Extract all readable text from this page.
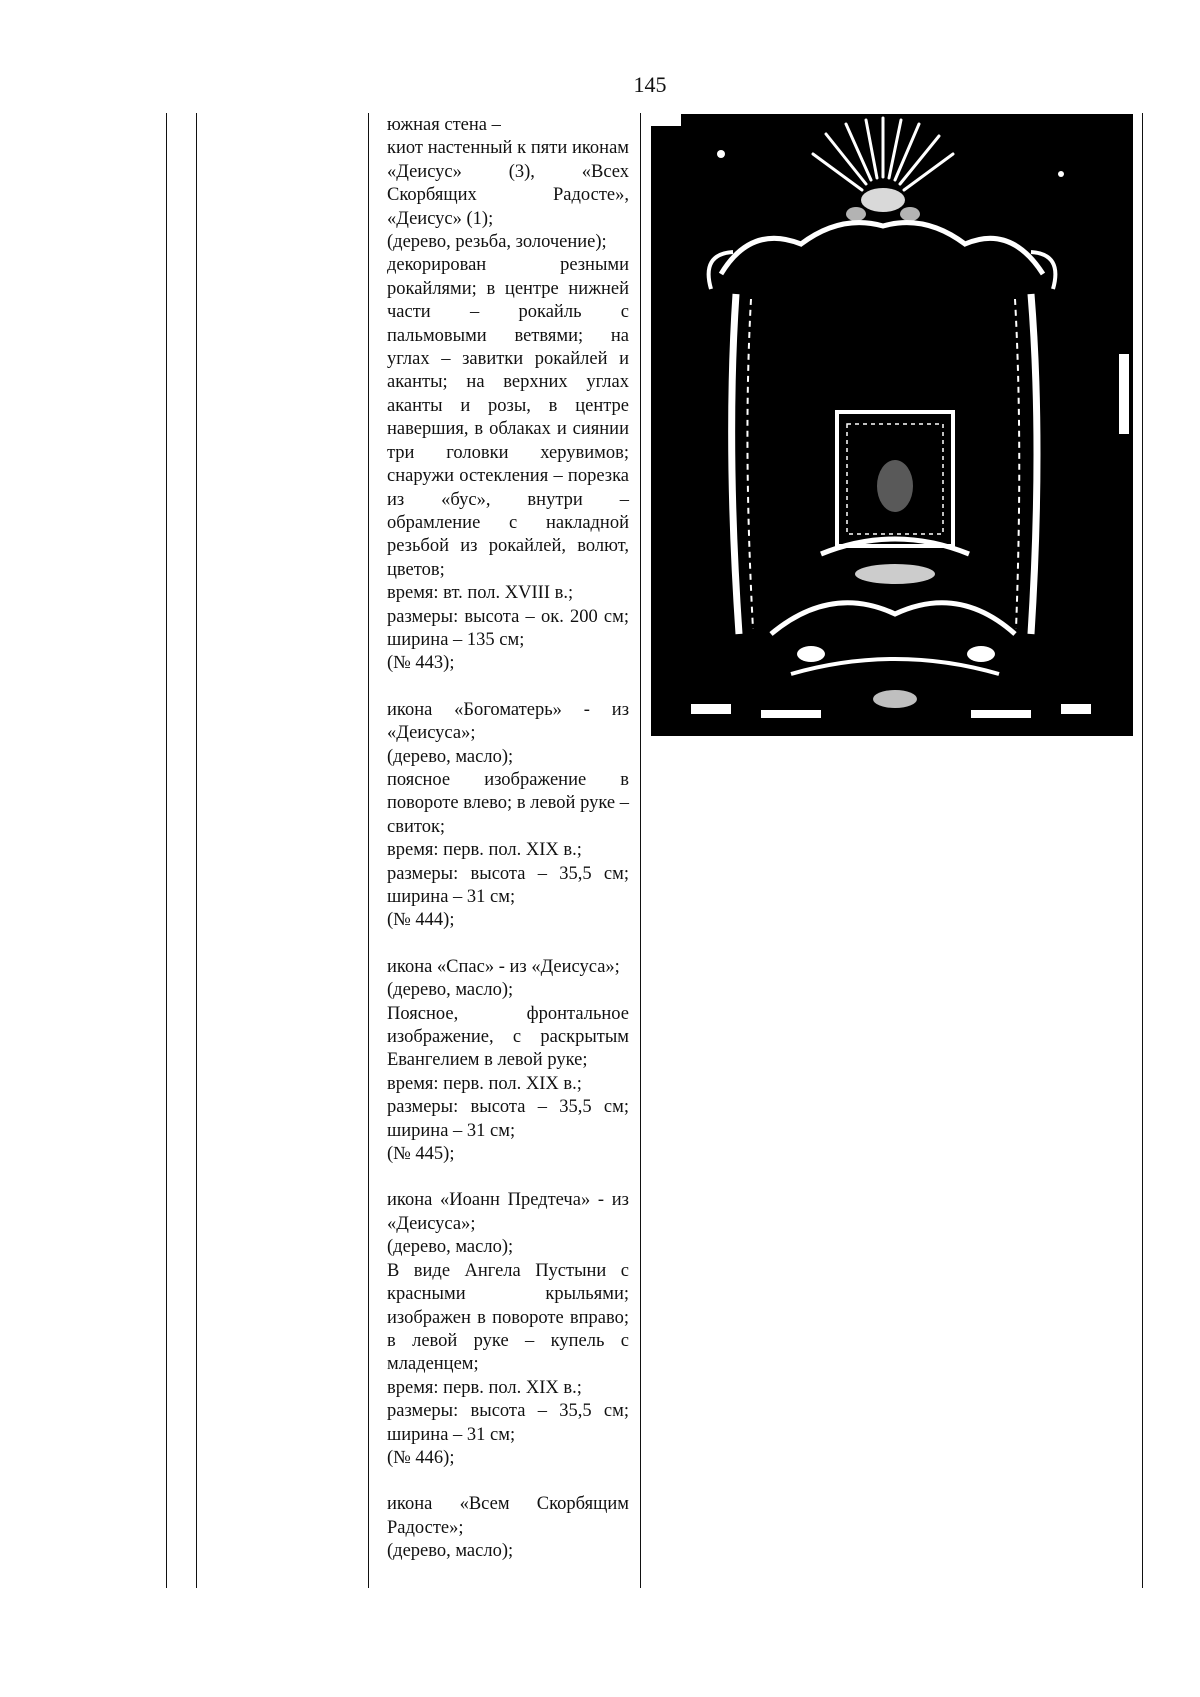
145

южная стена –

киот настенный к пяти иконам «Деисус» (3), «Всех Скорбящих Радосте», «Деисус» (1);

(дерево, резьба, золочение);

декорирован резными рокайлями; в центре нижней части – рокайль с пальмовыми ветвями; на углах – завитки рокайлей и аканты; на верхних углах аканты и розы, в центре навершия, в облаках и сиянии три головки херувимов; снаружи остекления – порезка из «бус», внутри – обрамление с накладной резьбой из рокайлей, волют, цветов;

время: вт. пол. XVIII в.;

размеры: высота – ок. 200 см; ширина – 135 см;

(№ 443);

икона «Богоматерь» - из «Деисуса»;

(дерево, масло);

поясное изображение в повороте влево; в левой руке – свиток;

время: перв. пол. XIX в.;

размеры: высота – 35,5 см; ширина – 31 см;

(№ 444);

икона «Спас» - из «Деисуса»;

(дерево, масло);

Поясное, фронтальное изображение, с раскрытым Евангелием в левой руке;

время: перв. пол. XIX в.;

размеры: высота – 35,5 см; ширина – 31 см;

(№ 445);

икона «Иоанн Предтеча» - из «Деисуса»;

(дерево, масло);

В виде Ангела Пустыни с красными крыльями; изображен в повороте вправо; в левой руке – купель с младенцем;

время: перв. пол. XIX в.;

размеры: высота – 35,5 см; ширина – 31 см;

(№ 446);

икона «Всем Скорбящим Радосте»;

(дерево, масло);
